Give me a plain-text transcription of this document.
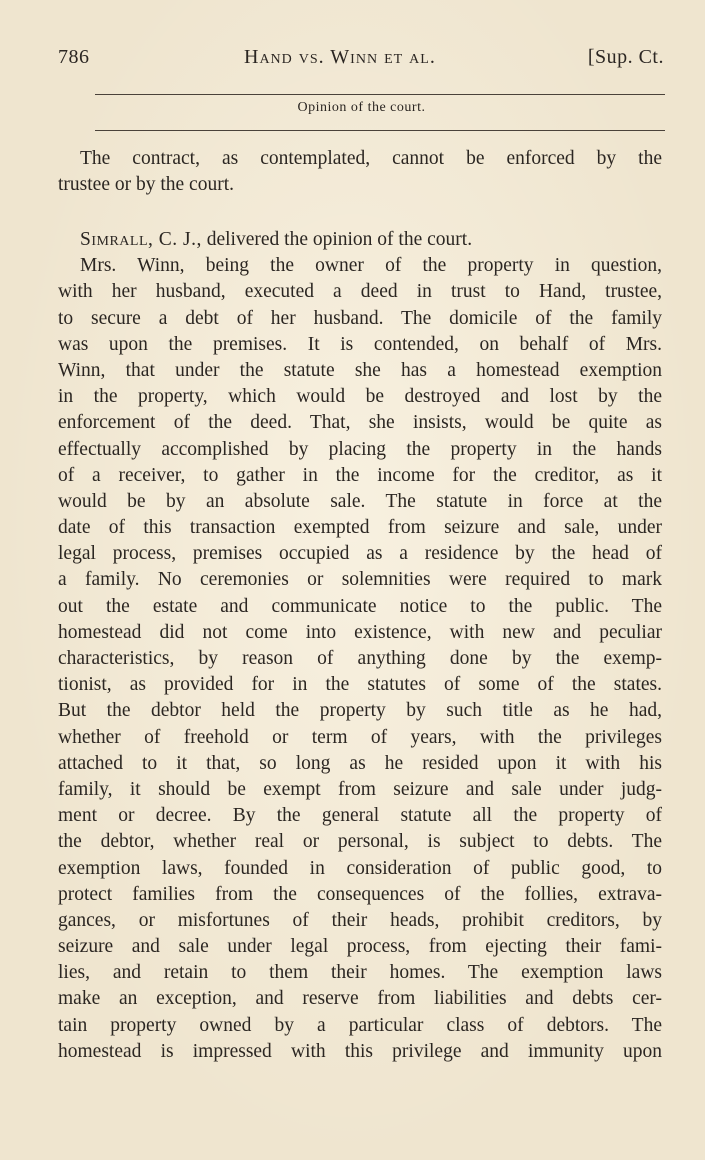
786	Hand vs. Winn et al.	[Sup. Ct.
Opinion of the court.
The contract, as contemplated, cannot be enforced by the
trustee or by the court.
Simrall, C. J., delivered the opinion of the court.
Mrs. Winn, being the owner of the property in question,
with her husband, executed a deed in trust to Hand, trustee,
to secure a debt of her husband. The domicile of the family
was upon the premises. It is contended, on behalf of Mrs.
Winn, that under the statute she has a homestead exemption
in the property, which would be destroyed and lost by the
enforcement of the deed. That, she insists, would be quite as
effectually accomplished by placing the property in the hands
of a receiver, to gather in the income for the creditor, as it
would be by an absolute sale. The statute in force at the
date of this transaction exempted from seizure and sale, under
legal process, premises occupied as a residence by the head of
a family. No ceremonies or solemnities were required to mark
out the estate and communicate notice to the public. The
homestead did not come into existence, with new and peculiar
characteristics, by reason of anything done by the exemp-
tionist, as provided for in the statutes of some of the states.
But the debtor held the property by such title as he had,
whether of freehold or term of years, with the privileges
attached to it that, so long as he resided upon it with his
family, it should be exempt from seizure and sale under judg-
ment or decree. By the general statute all the property of
the debtor, whether real or personal, is subject to debts. The
exemption laws, founded in consideration of public good, to
protect families from the consequences of the follies, extrava-
gances, or misfortunes of their heads, prohibit creditors, by
seizure and sale under legal process, from ejecting their fami-
lies, and retain to them their homes. The exemption laws
make an exception, and reserve from liabilities and debts cer-
tain property owned by a particular class of debtors. The
homestead is impressed with this privilege and immunity upon
